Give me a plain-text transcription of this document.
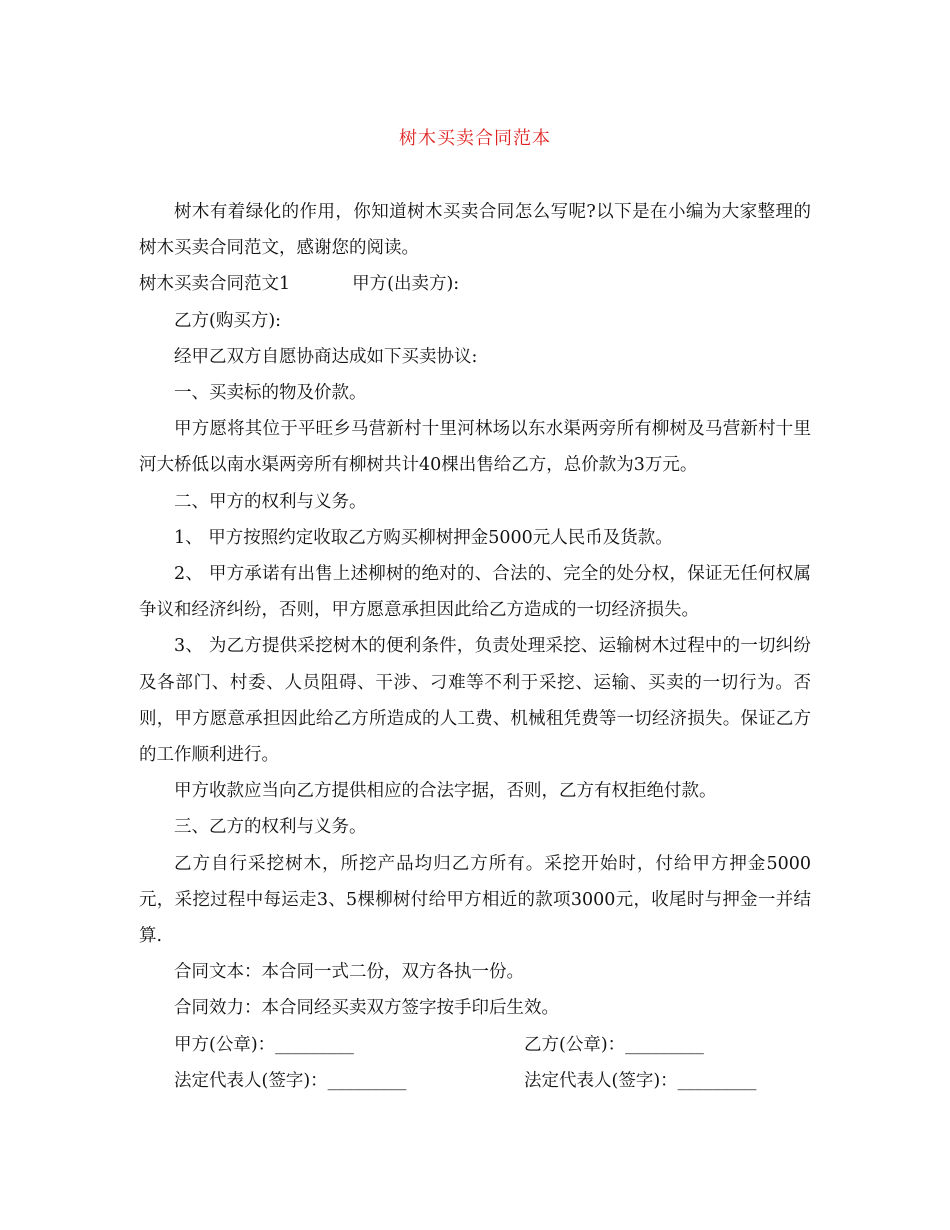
树木买卖合同范本

树木有着绿化的作用，你知道树木买卖合同怎么写呢?以下是在小编为大家整理的树木买卖合同范文，感谢您的阅读。

树木买卖合同范文1	甲方(出卖方):

乙方(购买方):

经甲乙双方自愿协商达成如下买卖协议:

一、买卖标的物及价款。

甲方愿将其位于平旺乡马营新村十里河林场以东水渠两旁所有柳树及马营新村十里河大桥低以南水渠两旁所有柳树共计40棵出售给乙方，总价款为3万元。

二、甲方的权利与义务。

1、 甲方按照约定收取乙方购买柳树押金5000元人民币及货款。

2、 甲方承诺有出售上述柳树的绝对的、合法的、完全的处分权，保证无任何权属争议和经济纠纷，否则，甲方愿意承担因此给乙方造成的一切经济损失。

3、 为乙方提供采挖树木的便利条件，负责处理采挖、运输树木过程中的一切纠纷及各部门、村委、人员阻碍、干涉、刁难等不利于采挖、运输、买卖的一切行为。否则，甲方愿意承担因此给乙方所造成的人工费、机械租凭费等一切经济损失。保证乙方的工作顺利进行。

甲方收款应当向乙方提供相应的合法字据，否则，乙方有权拒绝付款。

三、乙方的权利与义务。

乙方自行采挖树木，所挖产品均归乙方所有。采挖开始时，付给甲方押金5000元，采挖过程中每运走3、5棵柳树付给甲方相近的款项3000元，收尾时与押金一并结算.

合同文本：本合同一式二份，双方各执一份。

合同效力：本合同经买卖双方签字按手印后生效。

甲方(公章)：_________	乙方(公章)：_________
法定代表人(签字)：_________	法定代表人(签字)：_________
